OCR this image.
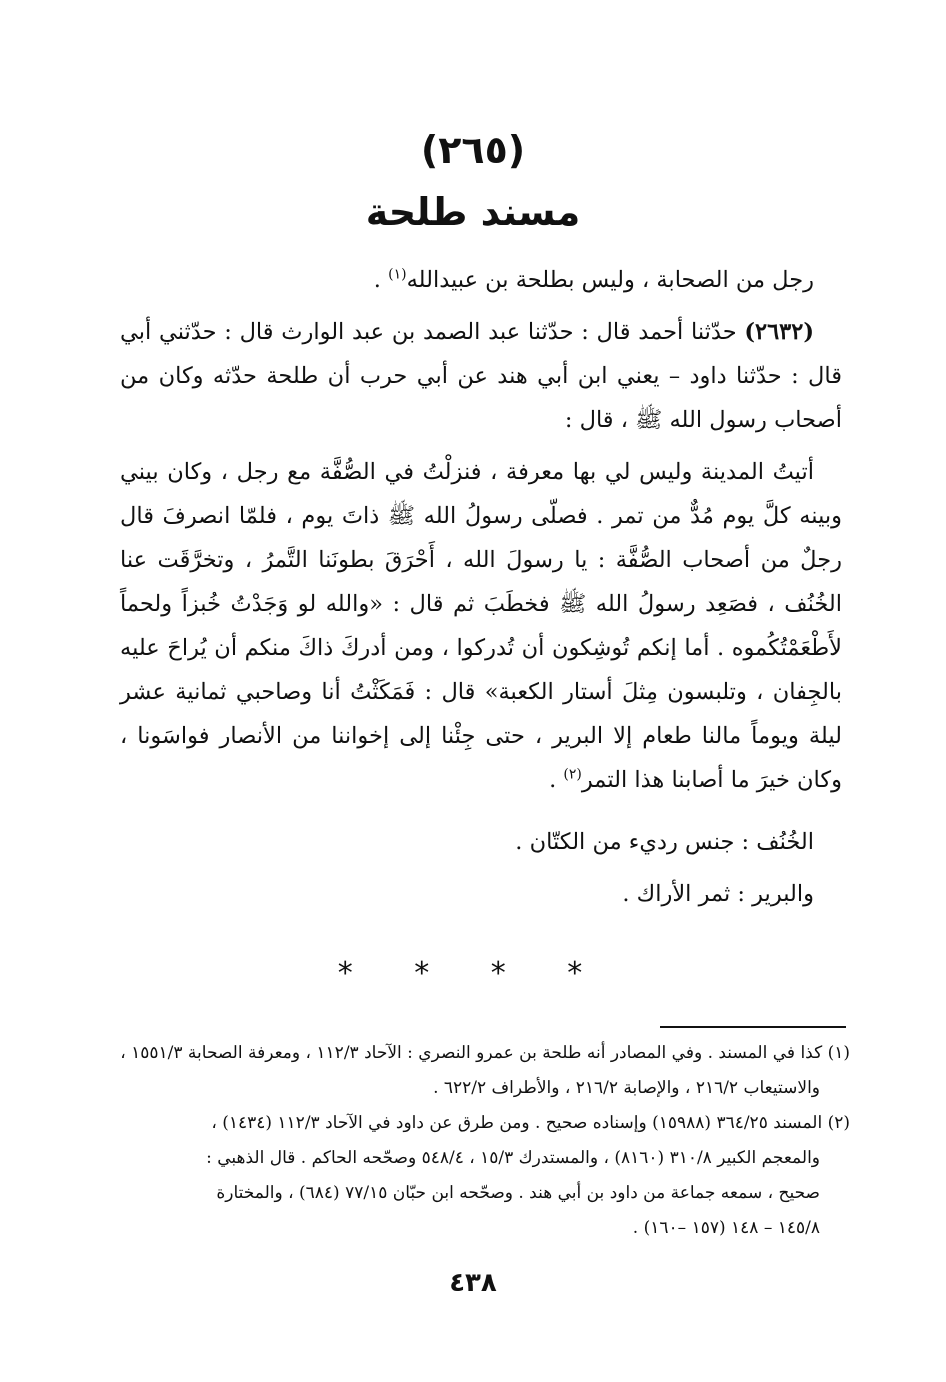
(٢٦٥)
مسند طلحة

رجل من الصحابة ، وليس بطلحة بن عبيدالله$^{(١)}$ .

(٢٦٣٢) حدّثنا أحمد قال : حدّثنا عبد الصمد بن عبد الوارث قال : حدّثني أبي قال : حدّثنا داود – يعني ابن أبي هند عن أبي حرب أن طلحة حدّثه وكان من أصحاب رسول الله ﷺ ، قال :

أتيتُ المدينة وليس لي بها معرفة ، فنزلْتُ في الصُّفَّة مع رجل ، وكان بيني وبينه كلَّ يوم مُدٌّ من تمر . فصلّى رسولُ الله ﷺ ذاتَ يوم ، فلمّا انصرفَ قال رجلٌ من أصحاب الصُّفَّة : يا رسولَ الله ، أَحْرَقَ بطونَنا التَّمرُ ، وتخرَّقَت عنا الخُنُف ، فصَعِد رسولُ الله ﷺ فخطَبَ ثم قال : «والله لو وَجَدْتُ خُبزاً ولحماً لأَطْعَمْتُكُموه . أما إنكم تُوشِكون أن تُدركوا ، ومن أدركَ ذاكَ منكم أن يُراحَ عليه بالجِفان ، وتلبسون مِثلَ أستار الكعبة» قال : فَمَكَثْتُ أنا وصاحبي ثمانية عشر ليلة ويوماً مالنا طعام إلا البرير ، حتى جِئْنا إلى إخواننا من الأنصار فواسَونا ، وكان خيرَ ما أصابنا هذا التمر$^{(٢)}$ .

الخُنُف : جنس رديء من الكتّان .
والبرير : ثمر الأراك .

* * * *

(١) كذا في المسند . وفي المصادر أنه طلحة بن عمرو النصري : الآحاد ١١٢/٣ ، ومعرفة الصحابة ١٥٥١/٣ ،

والاستيعاب ٢١٦/٢ ، والإصابة ٢١٦/٢ ، والأطراف ٦٢٢/٢ .

(٢) المسند ٣٦٤/٢٥ (١٥٩٨٨) وإسناده صحيح . ومن طرق عن داود في الآحاد ١١٢/٣ (١٤٣٤) ،

والمعجم الكبير ٣١٠/٨ (٨١٦٠) ، والمستدرك ١٥/٣ ، ٥٤٨/٤ وصحّحه الحاكم . قال الذهبي :

صحيح ، سمعه جماعة من داود بن أبي هند . وصحّحه ابن حبّان ٧٧/١٥ (٦٨٤) ، والمختارة

١٤٥/٨ – ١٤٨ (١٥٧ –١٦٠) .

٤٣٨
